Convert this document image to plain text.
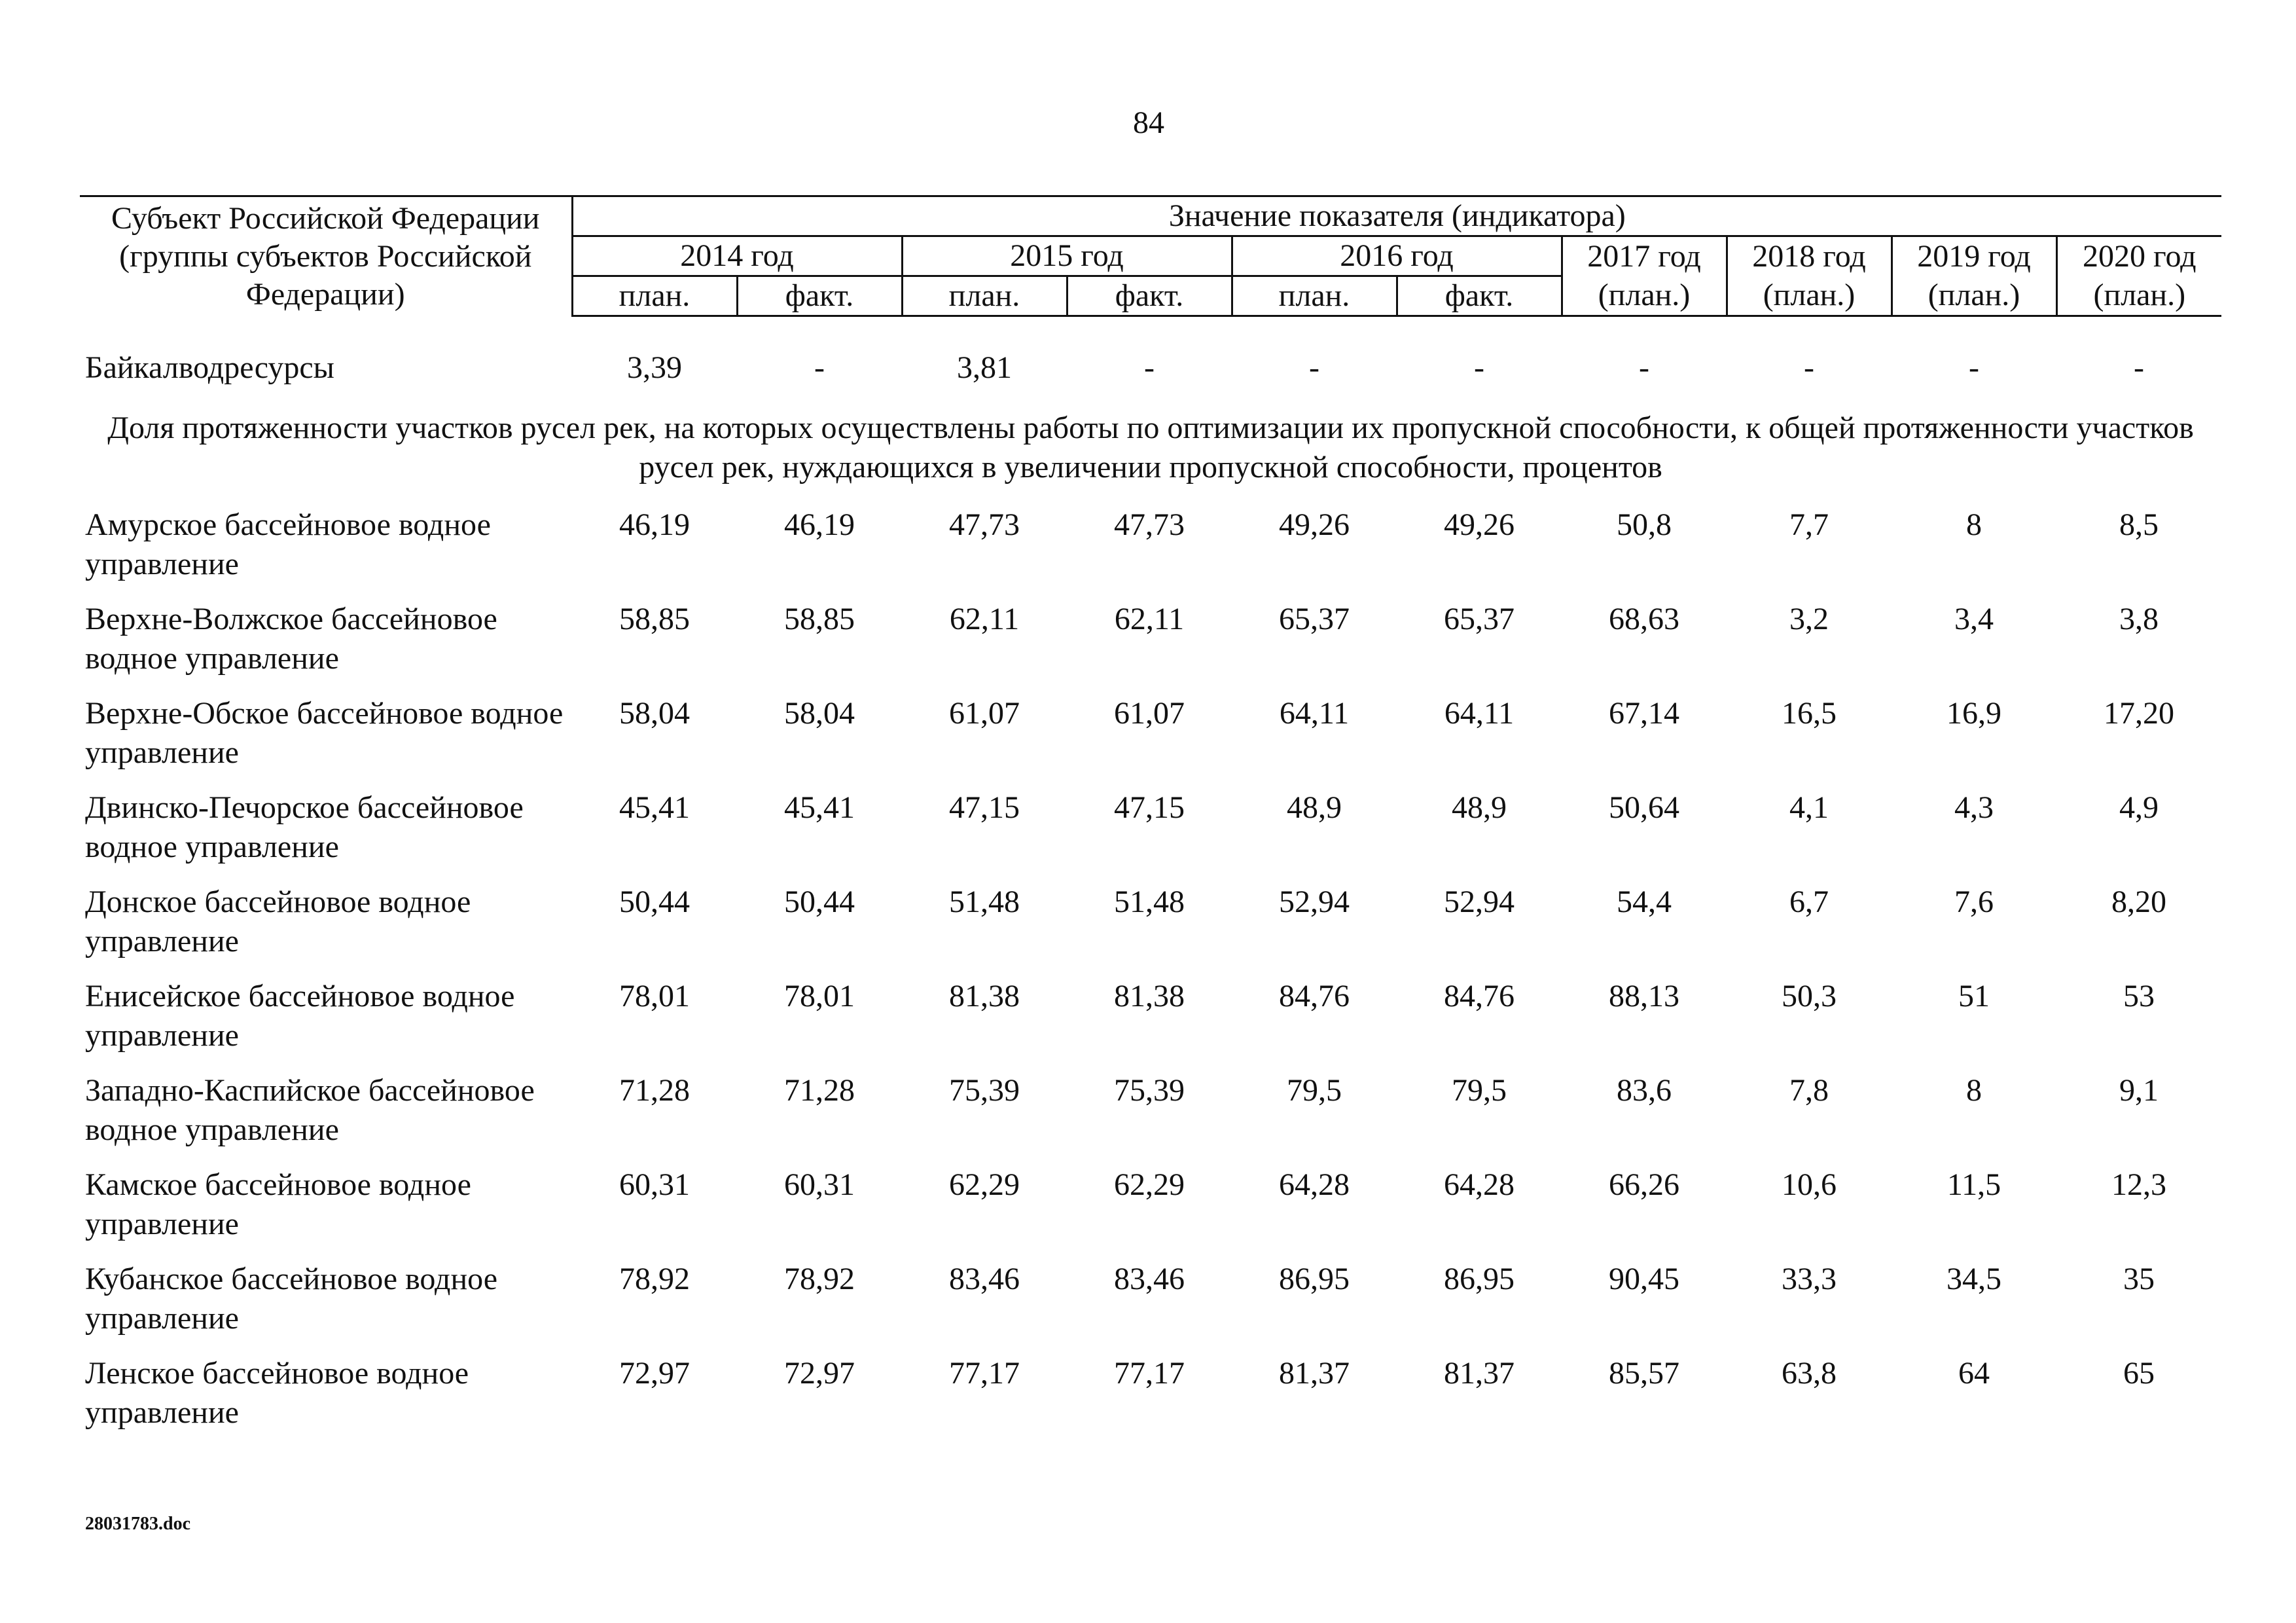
84
Субъект Российской Федерации (группы субъектов Российской Федерации)	Значение показателя (индикатора)									
	2014 год		2015 год		2016 год		2017 год	2018 год	2019 год	2020 год
	план.	факт.	план.	факт.	план.	факт.	(план.)	(план.)	(план.)	(план.)

Байкалводресурсы	3,39	-	3,81	-	-	-	-	-	-	-
Доля протяженности участков русел рек, на которых осуществлены работы по оптимизации их пропускной способности, к общей протяженности участков русел рек, нуждающихся в увеличении пропускной способности, процентов										
Амурское бассейновое водное управление	46,19	46,19	47,73	47,73	49,26	49,26	50,8	7,7	8	8,5
Верхне-Волжское бассейновое водное управление	58,85	58,85	62,11	62,11	65,37	65,37	68,63	3,2	3,4	3,8
Верхне-Обское бассейновое водное управление	58,04	58,04	61,07	61,07	64,11	64,11	67,14	16,5	16,9	17,20
Двинско-Печорское бассейновое водное управление	45,41	45,41	47,15	47,15	48,9	48,9	50,64	4,1	4,3	4,9
Донское бассейновое водное управление	50,44	50,44	51,48	51,48	52,94	52,94	54,4	6,7	7,6	8,20
Енисейское бассейновое водное управление	78,01	78,01	81,38	81,38	84,76	84,76	88,13	50,3	51	53
Западно-Каспийское бассейновое водное управление	71,28	71,28	75,39	75,39	79,5	79,5	83,6	7,8	8	9,1
Камское бассейновое водное управление	60,31	60,31	62,29	62,29	64,28	64,28	66,26	10,6	11,5	12,3
Кубанское бассейновое водное управление	78,92	78,92	83,46	83,46	86,95	86,95	90,45	33,3	34,5	35
Ленское бассейновое водное управление	72,97	72,97	77,17	77,17	81,37	81,37	85,57	63,8	64	65
28031783.doc
